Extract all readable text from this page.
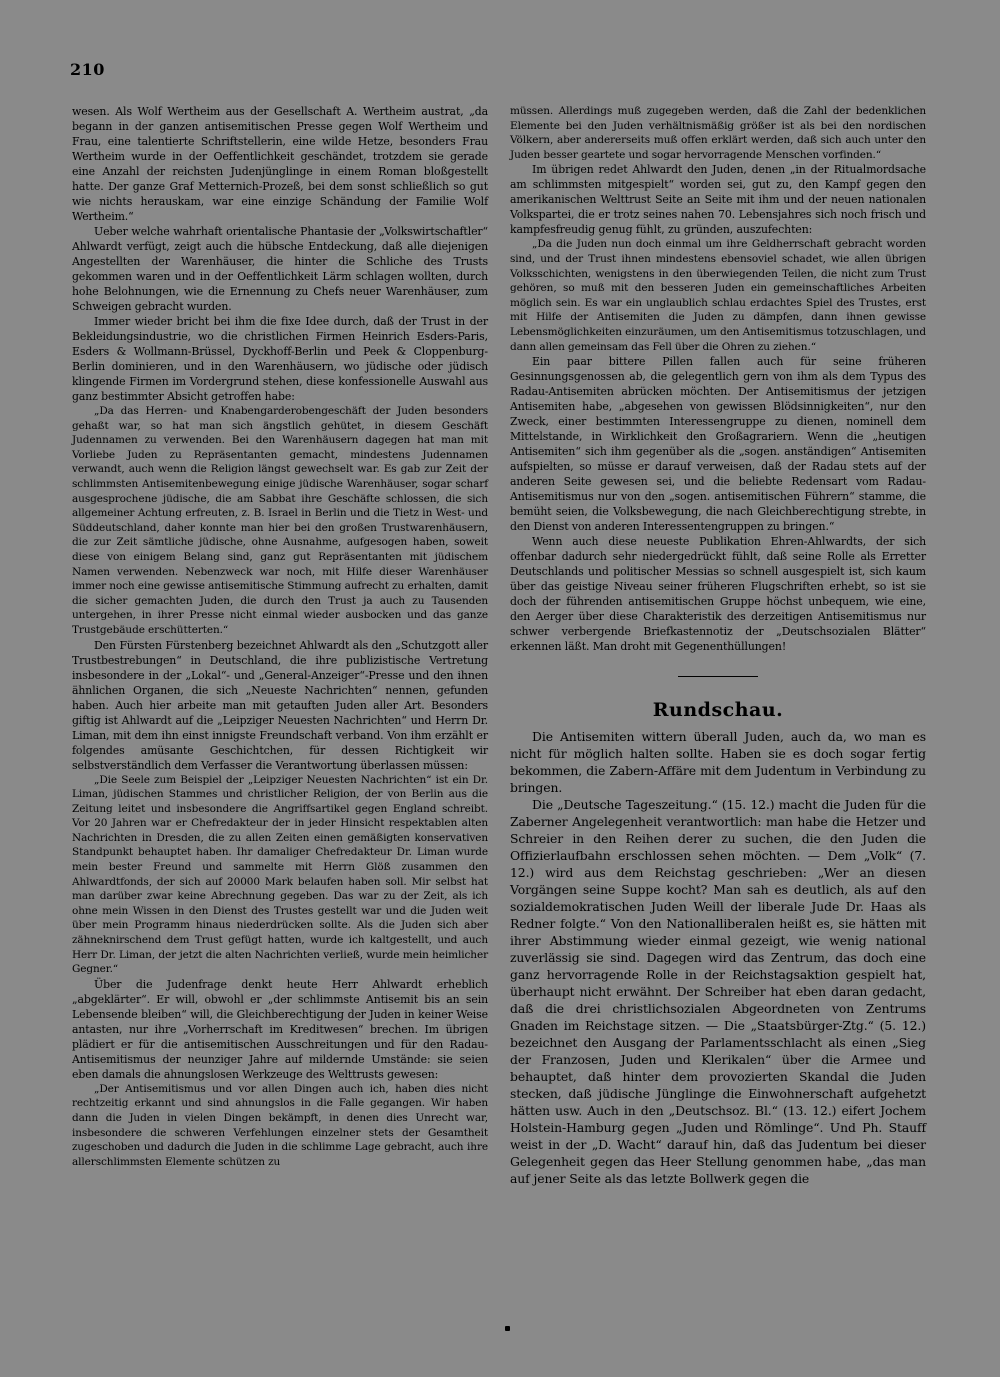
210

wesen. Als Wolf Wertheim aus der Gesellschaft A. Wertheim austrat, „da begann in der ganzen antisemitischen Presse gegen Wolf Wertheim und Frau, eine talentierte Schriftstellerin, eine wilde Hetze, besonders Frau Wertheim wurde in der Oeffentlichkeit geschändet, trotzdem sie gerade eine Anzahl der reichsten Judenjünglinge in einem Roman bloßgestellt hatte. Der ganze Graf Metternich-Prozeß, bei dem sonst schließlich so gut wie nichts herauskam, war eine einzige Schändung der Familie Wolf Wertheim.“

Ueber welche wahrhaft orientalische Phantasie der „Volkswirtschaftler“ Ahlwardt verfügt, zeigt auch die hübsche Entdeckung, daß alle diejenigen Angestellten der Warenhäuser, die hinter die Schliche des Trusts gekommen waren und in der Oeffentlichkeit Lärm schlagen wollten, durch hohe Belohnungen, wie die Ernennung zu Chefs neuer Warenhäuser, zum Schweigen gebracht wurden.

Immer wieder bricht bei ihm die fixe Idee durch, daß der Trust in der Bekleidungsindustrie, wo die christlichen Firmen Heinrich Esders-Paris, Esders & Wollmann-Brüssel, Dyckhoff-Berlin und Peek & Cloppenburg-Berlin dominieren, und in den Warenhäusern, wo jüdische oder jüdisch klingende Firmen im Vordergrund stehen, diese konfessionelle Auswahl aus ganz bestimmter Absicht getroffen habe:

„Da das Herren- und Knabengarderobengeschäft der Juden besonders gehaßt war, so hat man sich ängstlich gehütet, in diesem Geschäft Judennamen zu verwenden. Bei den Warenhäusern dagegen hat man mit Vorliebe Juden zu Repräsentanten gemacht, mindestens Judennamen verwandt, auch wenn die Religion längst gewechselt war. Es gab zur Zeit der schlimmsten Antisemitenbewegung einige jüdische Warenhäuser, sogar scharf ausgesprochene jüdische, die am Sabbat ihre Geschäfte schlossen, die sich allgemeiner Achtung erfreuten, z. B. Israel in Berlin und die Tietz in West- und Süddeutschland, daher konnte man hier bei den großen Trustwarenhäusern, die zur Zeit sämtliche jüdische, ohne Ausnahme, aufgesogen haben, soweit diese von einigem Belang sind, ganz gut Repräsentanten mit jüdischem Namen verwenden. Nebenzweck war noch, mit Hilfe dieser Warenhäuser immer noch eine gewisse antisemitische Stimmung aufrecht zu erhalten, damit die sicher gemachten Juden, die durch den Trust ja auch zu Tausenden untergehen, in ihrer Presse nicht einmal wieder ausbocken und das ganze Trustgebäude erschütterten.“

Den Fürsten Fürstenberg bezeichnet Ahlwardt als den „Schutzgott aller Trustbestrebungen“ in Deutschland, die ihre publizistische Vertretung insbesondere in der „Lokal“- und „General-Anzeiger“-Presse und den ihnen ähnlichen Organen, die sich „Neueste Nachrichten“ nennen, gefunden haben. Auch hier arbeite man mit getauften Juden aller Art. Besonders giftig ist Ahlwardt auf die „Leipziger Neuesten Nachrichten“ und Herrn Dr. Liman, mit dem ihn einst innigste Freundschaft verband. Von ihm erzählt er folgendes amüsante Geschichtchen, für dessen Richtigkeit wir selbstverständlich dem Verfasser die Verantwortung überlassen müssen:

„Die Seele zum Beispiel der „Leipziger Neuesten Nachrichten“ ist ein Dr. Liman, jüdischen Stammes und christlicher Religion, der von Berlin aus die Zeitung leitet und insbesondere die Angriffsartikel gegen England schreibt. Vor 20 Jahren war er Chefredakteur der in jeder Hinsicht respektablen alten Nachrichten in Dresden, die zu allen Zeiten einen gemäßigten konservativen Standpunkt behauptet haben. Ihr damaliger Chefredakteur Dr. Liman wurde mein bester Freund und sammelte mit Herrn Glöß zusammen den Ahlwardtfonds, der sich auf 20000 Mark belaufen haben soll. Mir selbst hat man darüber zwar keine Abrechnung gegeben. Das war zu der Zeit, als ich ohne mein Wissen in den Dienst des Trustes gestellt war und die Juden weit über mein Programm hinaus niederdrücken sollte. Als die Juden sich aber zähneknirschend dem Trust gefügt hatten, wurde ich kaltgestellt, und auch Herr Dr. Liman, der jetzt die alten Nachrichten verließ, wurde mein heimlicher Gegner.“

Über die Judenfrage denkt heute Herr Ahlwardt erheblich „abgeklärter“. Er will, obwohl er „der schlimmste Antisemit bis an sein Lebensende bleiben“ will, die Gleichberechtigung der Juden in keiner Weise antasten, nur ihre „Vorherrschaft im Kreditwesen“ brechen. Im übrigen plädiert er für die antisemitischen Ausschreitungen und für den Radau-Antisemitismus der neunziger Jahre auf mildernde Umstände: sie seien eben damals die ahnungslosen Werkzeuge des Welttrusts gewesen:

„Der Antisemitismus und vor allen Dingen auch ich, haben dies nicht rechtzeitig erkannt und sind ahnungslos in die Falle gegangen. Wir haben dann die Juden in vielen Dingen bekämpft, in denen dies Unrecht war, insbesondere die schweren Verfehlungen einzelner stets der Gesamtheit zugeschoben und dadurch die Juden in die schlimme Lage gebracht, auch ihre allerschlimmsten Elemente schützen zu

müssen. Allerdings muß zugegeben werden, daß die Zahl der bedenklichen Elemente bei den Juden verhältnismäßig größer ist als bei den nordischen Völkern, aber andererseits muß offen erklärt werden, daß sich auch unter den Juden besser geartete und sogar hervorragende Menschen vorfinden.“

Im übrigen redet Ahlwardt den Juden, denen „in der Ritualmordsache am schlimmsten mitgespielt“ worden sei, gut zu, den Kampf gegen den amerikanischen Welttrust Seite an Seite mit ihm und der neuen nationalen Volkspartei, die er trotz seines nahen 70. Lebensjahres sich noch frisch und kampfesfreudig genug fühlt, zu gründen, auszufechten:

„Da die Juden nun doch einmal um ihre Geldherrschaft gebracht worden sind, und der Trust ihnen mindestens ebensoviel schadet, wie allen übrigen Volksschichten, wenigstens in den überwiegenden Teilen, die nicht zum Trust gehören, so muß mit den besseren Juden ein gemeinschaftliches Arbeiten möglich sein. Es war ein unglaublich schlau erdachtes Spiel des Trustes, erst mit Hilfe der Antisemiten die Juden zu dämpfen, dann ihnen gewisse Lebensmöglichkeiten einzuräumen, um den Antisemitismus totzuschlagen, und dann allen gemeinsam das Fell über die Ohren zu ziehen.“

Ein paar bittere Pillen fallen auch für seine früheren Gesinnungsgenossen ab, die gelegentlich gern von ihm als dem Typus des Radau-Antisemiten abrücken möchten. Der Antisemitismus der jetzigen Antisemiten habe, „abgesehen von gewissen Blödsinnigkeiten“, nur den Zweck, einer bestimmten Interessengruppe zu dienen, nominell dem Mittelstande, in Wirklichkeit den Großagrariern. Wenn die „heutigen Antisemiten“ sich ihm gegenüber als die „sogen. anständigen“ Antisemiten aufspielten, so müsse er darauf verweisen, daß der Radau stets auf der anderen Seite gewesen sei, und die beliebte Redensart vom Radau-Antisemitismus nur von den „sogen. antisemitischen Führern“ stamme, die bemüht seien, die Volksbewegung, die nach Gleichberechtigung strebte, in den Dienst von anderen Interessentengruppen zu bringen.“

Wenn auch diese neueste Publikation Ehren-Ahlwardts, der sich offenbar dadurch sehr niedergedrückt fühlt, daß seine Rolle als Erretter Deutschlands und politischer Messias so schnell ausgespielt ist, sich kaum über das geistige Niveau seiner früheren Flugschriften erhebt, so ist sie doch der führenden antisemitischen Gruppe höchst unbequem, wie eine, den Aerger über diese Charakteristik des derzeitigen Antisemitismus nur schwer verbergende Briefkastennotiz der „Deutschsozialen Blätter“ erkennen läßt. Man droht mit Gegenenthüllungen!

Rundschau.

Die Antisemiten wittern überall Juden, auch da, wo man es nicht für möglich halten sollte. Haben sie es doch sogar fertig bekommen, die Zabern-Affäre mit dem Judentum in Verbindung zu bringen.

Die „Deutsche Tageszeitung.“ (15. 12.) macht die Juden für die Zaberner Angelegenheit verantwortlich: man habe die Hetzer und Schreier in den Reihen derer zu suchen, die den Juden die Offizierlaufbahn erschlossen sehen möchten. — Dem „Volk“ (7. 12.) wird aus dem Reichstag geschrieben: „Wer an diesen Vorgängen seine Suppe kocht? Man sah es deutlich, als auf den sozialdemokratischen Juden Weill der liberale Jude Dr. Haas als Redner folgte.“ Von den Nationalliberalen heißt es, sie hätten mit ihrer Abstimmung wieder einmal gezeigt, wie wenig national zuverlässig sie sind. Dagegen wird das Zentrum, das doch eine ganz hervorragende Rolle in der Reichstagsaktion gespielt hat, überhaupt nicht erwähnt. Der Schreiber hat eben daran gedacht, daß die drei christlichsozialen Abgeordneten von Zentrums Gnaden im Reichstage sitzen. — Die „Staatsbürger-Ztg.“ (5. 12.) bezeichnet den Ausgang der Parlamentsschlacht als einen „Sieg der Franzosen, Juden und Klerikalen“ über die Armee und behauptet, daß hinter dem provozierten Skandal die Juden stecken, daß jüdische Jünglinge die Einwohnerschaft aufgehetzt hätten usw. Auch in den „Deutschsoz. Bl.“ (13. 12.) eifert Jochem Holstein-Hamburg gegen „Juden und Römlinge“. Und Ph. Stauff weist in der „D. Wacht“ darauf hin, daß das Judentum bei dieser Gelegenheit gegen das Heer Stellung genommen habe, „das man auf jener Seite als das letzte Bollwerk gegen die
